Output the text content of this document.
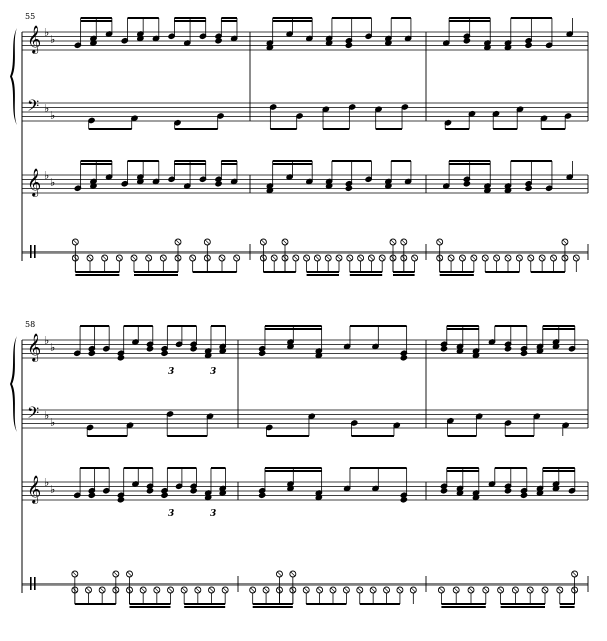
55
58
𝄞
𝄢
𝄞
♭
♭
♭
♭
♭
♭
𝄞
𝄢
𝄞
♭
♭
♭
♭
♭
♭
3	3
3	3
